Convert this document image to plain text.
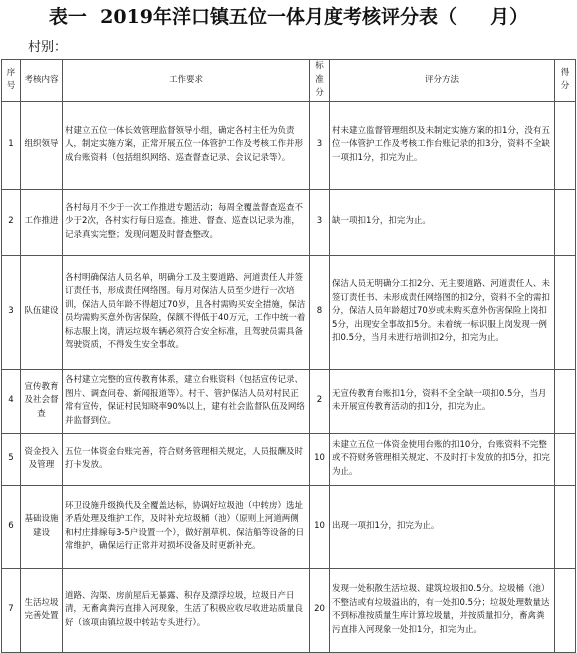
表一  2019年洋口镇五位一体月度考核评分表（     月）
村别：
序号	考核内容	工作要求	标准分	评分方法	得分
1	组织领导	村建立五位一体长效管理监督领导小组，确定各村主任为负责人，制定实施方案，正常开展五位一体管护工作及考核工作并形成台账资料（包括组织网络、巡查督查记录、会议记录等）。	3	村未建立监督管理组织及未制定实施方案的扣1分，没有五位一体管护工作及考核工作台账记录的扣3分，资料不全缺一项扣1分，扣完为止。	
2	工作推进	各村每月不少于一次工作推进专题活动；每周全覆盖督查巡查不少于2次，各村实行每日巡查。推进、督查、巡查以记录为准，记录真实完整；发现问题及时督查整改。	3	缺一项扣1分，扣完为止。	
3	队伍建设	各村明确保洁人员名单，明确分工及主要道路、河道责任人并签订责任书，形成责任网络图。每月对保洁人员至少进行一次培训，保洁人员年龄不得超过70岁，且各村需购买安全措施，保洁员均需购买意外伤害保险，保额不得低于40万元，工作中统一着标志服上岗，清运垃圾车辆必须符合安全标准，且驾驶员需具备驾驶资质，不得发生安全事故。	8	保洁人员无明确分工扣2分、无主要道路、河道责任人、未签订责任书、未形成责任网络图的扣2分，资料不全的需扣分，保洁人员年龄超过70岁或未购买意外伤害保险上岗扣5分，出现安全事故扣5分。未着统一标识服上岗发现一例扣0.5分，当月未进行培训扣2分，扣完为止。	
4	宣传教育及社会督查	各村建立完整的宣传教育体系，建立台账资料（包括宣传记录、图片、调查问卷、新闻报道等）。村干、管护保洁人员对村民正常有宣传，保证村民知晓率90%以上，建有社会监督队伍及网络并监督到位。	2	无宣传教育台账扣1分，资料不全全缺一项扣0.5分，当月未开展宣传教育活动的扣1分，扣完为止。	
5	资金投入及管理	五位一体资金台账完善，符合财务管理相关规定，人员报酬及时打卡发放。	10	未建立五位一体资金使用台账的扣10分，台账资料不完整或不符财务管理相关规定、不及时打卡发放的扣5分，扣完为止。	
6	基础设施建设	环卫设施升级换代及全覆盖达标，协调好垃圾池（中转房）选址矛盾处理及维护工作，及时补充垃圾桶（池）（原则上河道两侧和村庄排線每3-5户设置一个），做好割草机、保洁船等设备的日常维护，确保运行正常并对损坏设备及时更新补充。	10	出现一项扣1分，扣完为止。	
7	生活垃圾完善处置	道路、沟渠、房前屋后无暴露、积存及漂浮垃圾，垃圾日产日清，无畜禽粪污直排入河现象，生活了积极应收尽收进站质量良好（该项由镇垃圾中转站专头进行）。	20	发现一处积散生活垃圾、建筑垃圾扣0.5分。垃圾桶（池）不整洁或有垃圾溢出的，有一处扣0.5分；垃圾处理数量达不到标准按质量生库计算垃圾量，并按质量扣分，畜禽粪污直排入河现象一处扣1分，扣完为止。	
